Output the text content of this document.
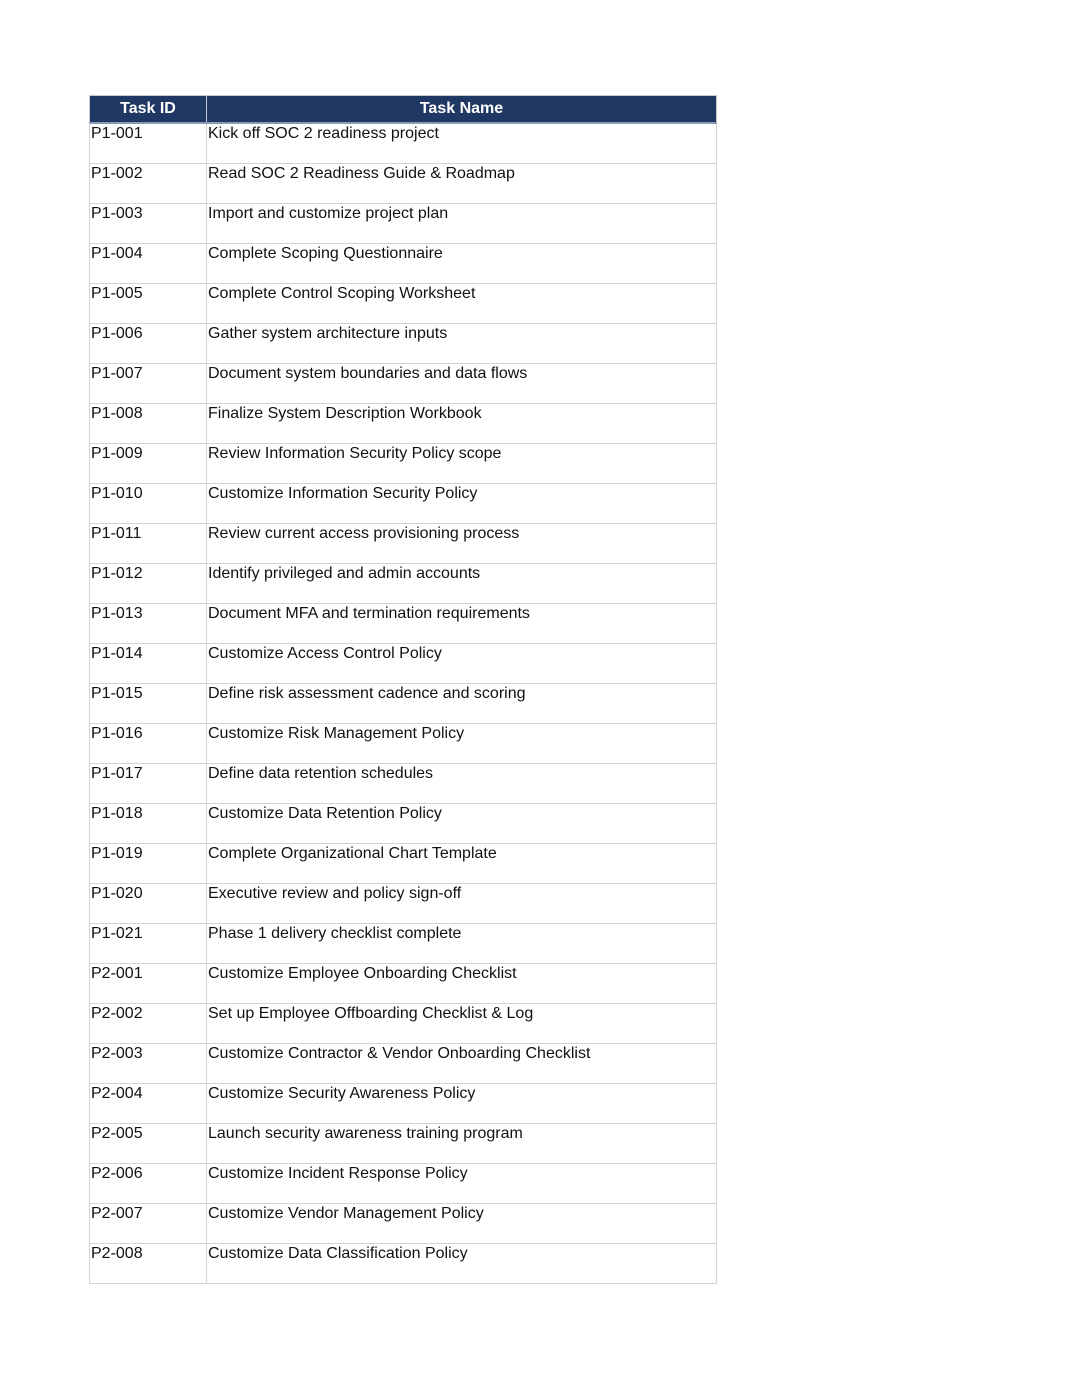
Task ID	Task Name
P1-001	Kick off SOC 2 readiness project
P1-002	Read SOC 2 Readiness Guide & Roadmap
P1-003	Import and customize project plan
P1-004	Complete Scoping Questionnaire
P1-005	Complete Control Scoping Worksheet
P1-006	Gather system architecture inputs
P1-007	Document system boundaries and data flows
P1-008	Finalize System Description Workbook
P1-009	Review Information Security Policy scope
P1-010	Customize Information Security Policy
P1-011	Review current access provisioning process
P1-012	Identify privileged and admin accounts
P1-013	Document MFA and termination requirements
P1-014	Customize Access Control Policy
P1-015	Define risk assessment cadence and scoring
P1-016	Customize Risk Management Policy
P1-017	Define data retention schedules
P1-018	Customize Data Retention Policy
P1-019	Complete Organizational Chart Template
P1-020	Executive review and policy sign-off
P1-021	Phase 1 delivery checklist complete
P2-001	Customize Employee Onboarding Checklist
P2-002	Set up Employee Offboarding Checklist & Log
P2-003	Customize Contractor & Vendor Onboarding Checklist
P2-004	Customize Security Awareness Policy
P2-005	Launch security awareness training program
P2-006	Customize Incident Response Policy
P2-007	Customize Vendor Management Policy
P2-008	Customize Data Classification Policy
